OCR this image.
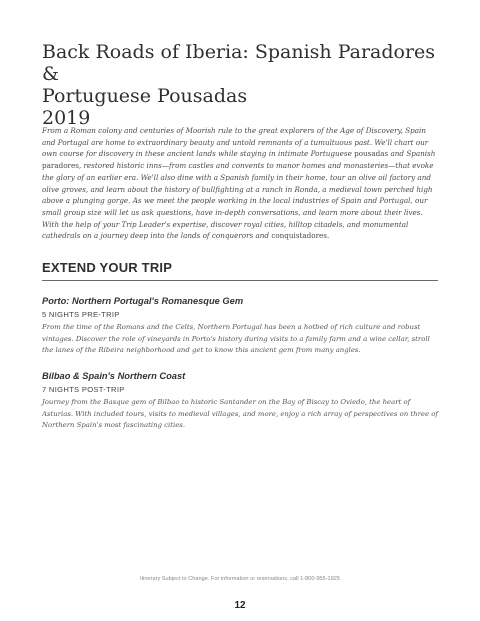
Back Roads of Iberia: Spanish Paradores &
Portuguese Pousadas
2019

From a Roman colony and centuries of Moorish rule to the great explorers of the Age of Discovery, Spain and Portugal are home to extraordinary beauty and untold remnants of a tumultuous past. We'll chart our own course for discovery in these ancient lands while staying in intimate Portuguese pousadas and Spanish paradores, restored historic inns—from castles and convents to manor homes and monasteries—that evoke the glory of an earlier era. We'll also dine with a Spanish family in their home, tour an olive oil factory and olive groves, and learn about the history of bullfighting at a ranch in Ronda, a medieval town perched high above a plunging gorge. As we meet the people working in the local industries of Spain and Portugal, our small group size will let us ask questions, have in-depth conversations, and learn more about their lives. With the help of your Trip Leader's expertise, discover royal cities, hilltop citadels, and monumental cathedrals on a journey deep into the lands of conquerors and conquistadores.

EXTEND YOUR TRIP

Porto: Northern Portugal's Romanesque Gem

5 NIGHTS PRE-TRIP

From the time of the Romans and the Celts, Northern Portugal has been a hotbed of rich culture and robust vintages. Discover the role of vineyards in Porto's history during visits to a family farm and a wine cellar, stroll the lanes of the Ribeira neighborhood and get to know this ancient gem from many angles.

Bilbao & Spain's Northern Coast

7 NIGHTS POST-TRIP

Journey from the Basque gem of Bilbao to historic Santander on the Bay of Biscay to Oviedo, the heart of Asturias. With included tours, visits to medieval villages, and more, enjoy a rich array of perspectives on three of Northern Spain's most fascinating cities.

Itinerary Subject to Change. For information or reservations, call 1-800-955-1925
12
